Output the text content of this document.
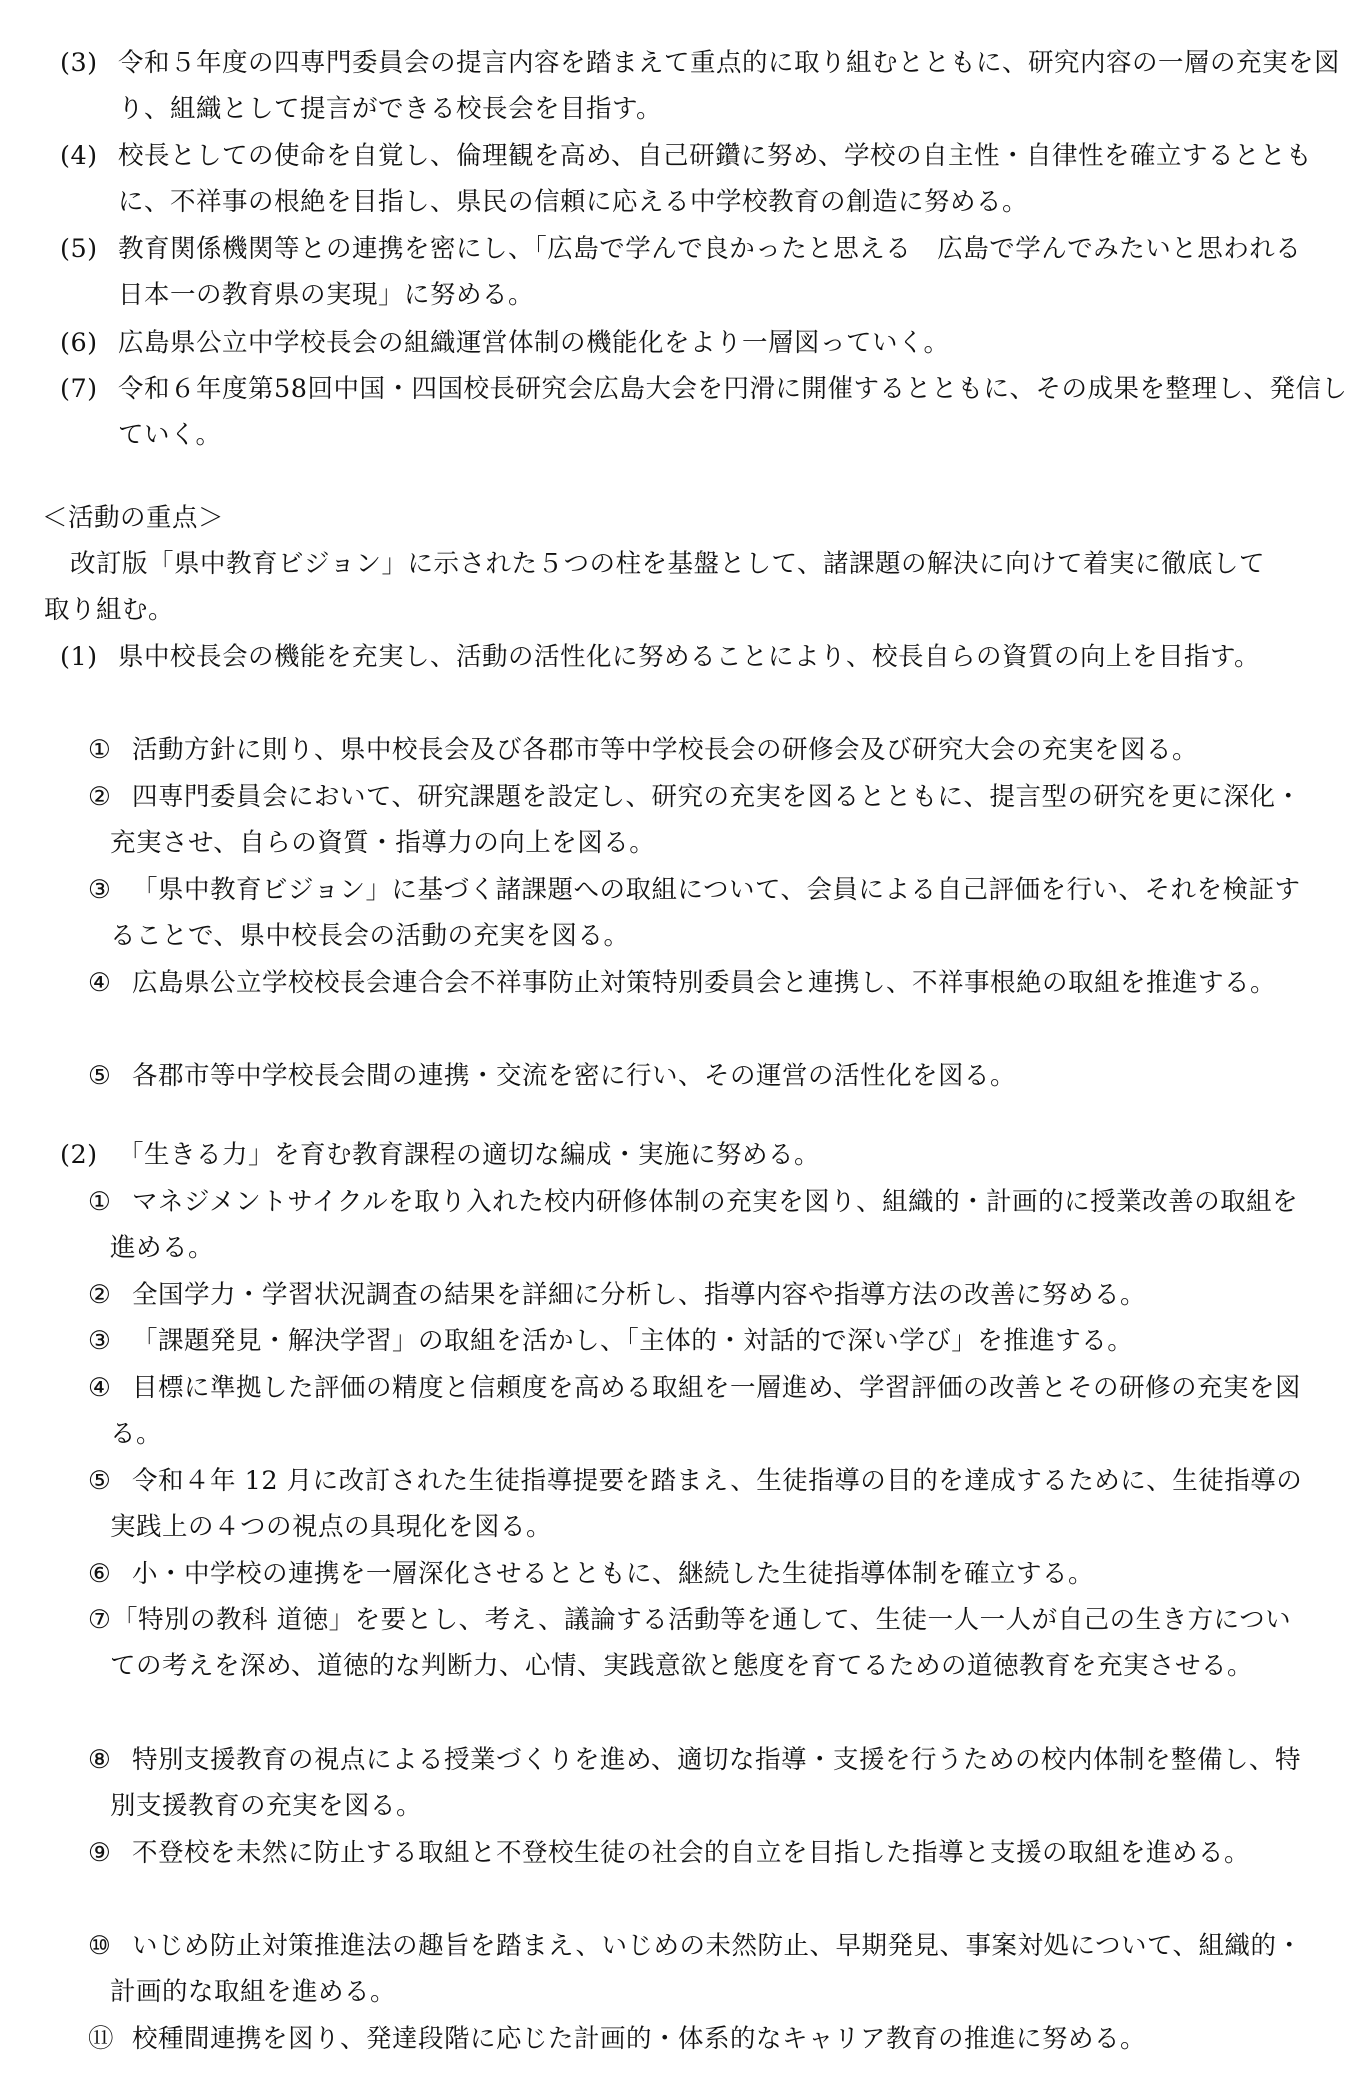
(3) 令和５年度の四専門委員会の提言内容を踏まえて重点的に取り組むとともに、研究内容の一層の充実を図り、組織として提言ができる校長会を目指す。
(4) 校長としての使命を自覚し、倫理観を高め、自己研鑽に努め、学校の自主性・自律性を確立するとともに、不祥事の根絶を目指し、県民の信頼に応える中学校教育の創造に努める。
(5) 教育関係機関等との連携を密にし、「広島で学んで良かったと思える　広島で学んでみたいと思われる　日本一の教育県の実現」に努める。
(6) 広島県公立中学校長会の組織運営体制の機能化をより一層図っていく。
(7) 令和６年度第58回中国・四国校長研究会広島大会を円滑に開催するとともに、その成果を整理し、発信していく。
＜活動の重点＞
改訂版「県中教育ビジョン」に示された５つの柱を基盤として、諸課題の解決に向けて着実に徹底して取り組む。
(1) 県中校長会の機能を充実し、活動の活性化に努めることにより、校長自らの資質の向上を目指す。
① 活動方針に則り、県中校長会及び各郡市等中学校長会の研修会及び研究大会の充実を図る。
② 四専門委員会において、研究課題を設定し、研究の充実を図るとともに、提言型の研究を更に深化・充実させ、自らの資質・指導力の向上を図る。
③ 「県中教育ビジョン」に基づく諸課題への取組について、会員による自己評価を行い、それを検証することで、県中校長会の活動の充実を図る。
④ 広島県公立学校校長会連合会不祥事防止対策特別委員会と連携し、不祥事根絶の取組を推進する。
⑤ 各郡市等中学校長会間の連携・交流を密に行い、その運営の活性化を図る。
(2) 「生きる力」を育む教育課程の適切な編成・実施に努める。
① マネジメントサイクルを取り入れた校内研修体制の充実を図り、組織的・計画的に授業改善の取組を進める。
② 全国学力・学習状況調査の結果を詳細に分析し、指導内容や指導方法の改善に努める。
③ 「課題発見・解決学習」の取組を活かし、「主体的・対話的で深い学び」を推進する。
④ 目標に準拠した評価の精度と信頼度を高める取組を一層進め、学習評価の改善とその研修の充実を図る。
⑤ 令和４年 12 月に改訂された生徒指導提要を踏まえ、生徒指導の目的を達成するために、生徒指導の実践上の４つの視点の具現化を図る。
⑥ 小・中学校の連携を一層深化させるとともに、継続した生徒指導体制を確立する。
⑦「特別の教科 道徳」を要とし、考え、議論する活動等を通して、生徒一人一人が自己の生き方についての考えを深め、道徳的な判断力、心情、実践意欲と態度を育てるための道徳教育を充実させる。
⑧ 特別支援教育の視点による授業づくりを進め、適切な指導・支援を行うための校内体制を整備し、特別支援教育の充実を図る。
⑨ 不登校を未然に防止する取組と不登校生徒の社会的自立を目指した指導と支援の取組を進める。
⑩ いじめ防止対策推進法の趣旨を踏まえ、いじめの未然防止、早期発見、事案対処について、組織的・計画的な取組を進める。
⑪ 校種間連携を図り、発達段階に応じた計画的・体系的なキャリア教育の推進に努める。
